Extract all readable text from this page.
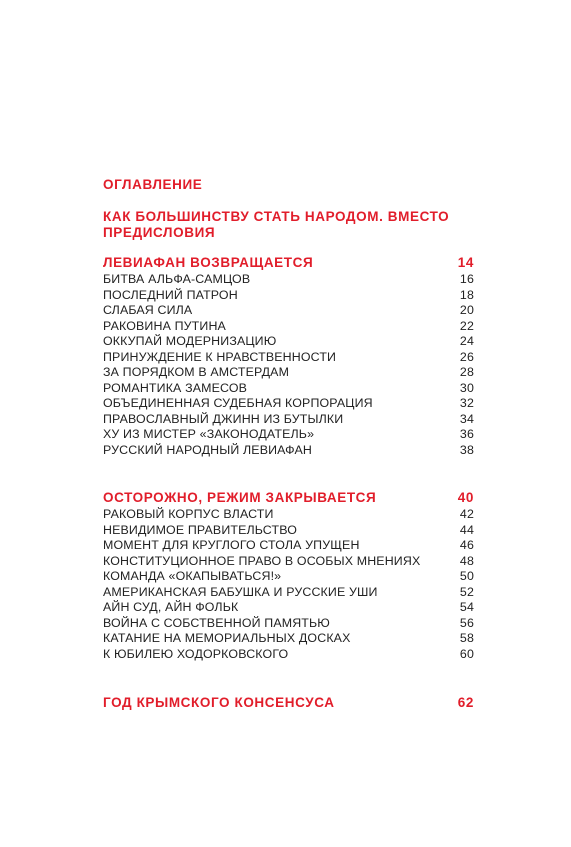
ОГЛАВЛЕНИЕ
КАК БОЛЬШИНСТВУ СТАТЬ НАРОДОМ. ВМЕСТО ПРЕДИСЛОВИЯ
ЛЕВИАФАН ВОЗВРАЩАЕТСЯ	14
БИТВА АЛЬФА-САМЦОВ	16
ПОСЛЕДНИЙ ПАТРОН	18
СЛАБАЯ СИЛА	20
РАКОВИНА ПУТИНА	22
ОККУПАЙ МОДЕРНИЗАЦИЮ	24
ПРИНУЖДЕНИЕ К НРАВСТВЕННОСТИ	26
ЗА ПОРЯДКОМ В АМСТЕРДАМ	28
РОМАНТИКА ЗАМЕСОВ	30
ОБЪЕДИНЕННАЯ СУДЕБНАЯ КОРПОРАЦИЯ	32
ПРАВОСЛАВНЫЙ ДЖИНН ИЗ БУТЫЛКИ	34
ХУ ИЗ МИСТЕР «ЗАКОНОДАТЕЛЬ»	36
РУССКИЙ НАРОДНЫЙ ЛЕВИАФАН	38
ОСТОРОЖНО, РЕЖИМ ЗАКРЫВАЕТСЯ	40
РАКОВЫЙ КОРПУС ВЛАСТИ	42
НЕВИДИМОЕ ПРАВИТЕЛЬСТВО	44
МОМЕНТ ДЛЯ КРУГЛОГО СТОЛА УПУЩЕН	46
КОНСТИТУЦИОННОЕ ПРАВО В ОСОБЫХ МНЕНИЯХ	48
КОМАНДА «ОКАПЫВАТЬСЯ!»	50
АМЕРИКАНСКАЯ БАБУШКА И РУССКИЕ УШИ	52
АЙН СУД, АЙН ФОЛЬК	54
ВОЙНА С СОБСТВЕННОЙ ПАМЯТЬЮ	56
КАТАНИЕ НА МЕМОРИАЛЬНЫХ ДОСКАХ	58
К ЮБИЛЕЮ ХОДОРКОВСКОГО	60
ГОД КРЫМСКОГО КОНСЕНСУСА	62
